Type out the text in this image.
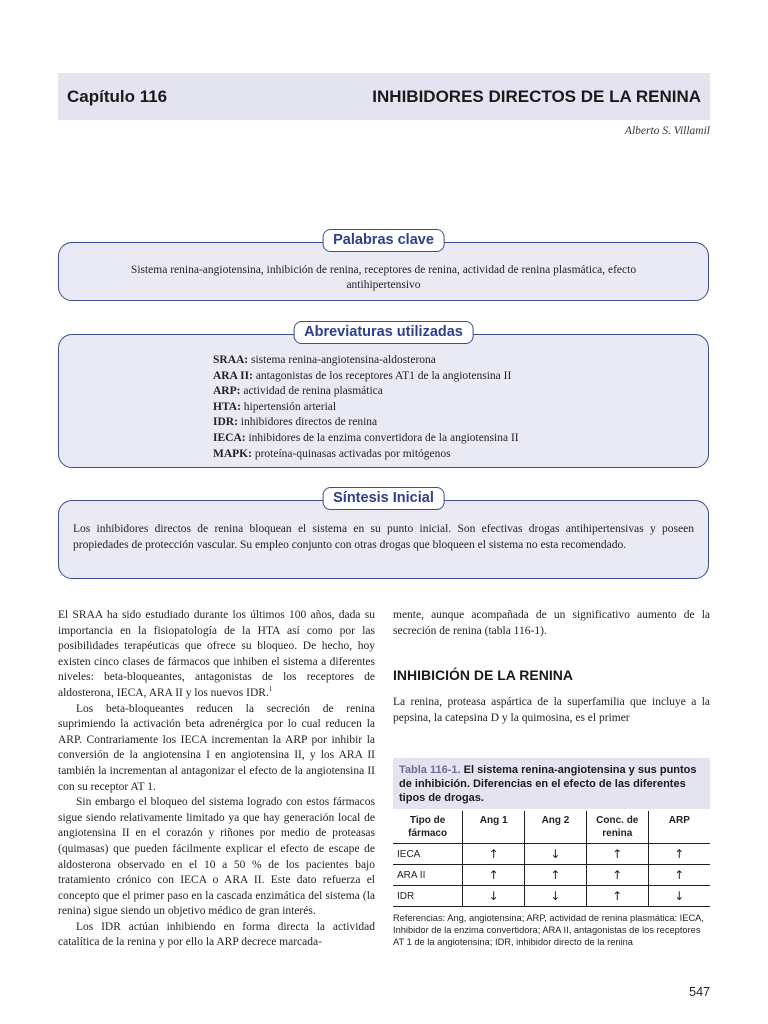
Capítulo 116	INHIBIDORES DIRECTOS DE LA RENINA
Alberto S. Villamil
Palabras clave
Sistema renina-angiotensina, inhibición de renina, receptores de renina, actividad de renina plasmática, efecto antihipertensivo
Abreviaturas utilizadas
SRAA: sistema renina-angiotensina-aldosterona
ARA II: antagonistas de los receptores AT1 de la angiotensina II
ARP: actividad de renina plasmática
HTA: hipertensión arterial
IDR: inhibidores directos de renina
IECA: inhibidores de la enzima convertidora de la angiotensina II
MAPK: proteína-quinasas activadas por mitógenos
Síntesis Inicial
Los inhibidores directos de renina bloquean el sistema en su punto inicial. Son efectivas drogas antihipertensivas y poseen propiedades de protección vascular. Su empleo conjunto con otras drogas que bloqueen el sistema no esta recomendado.

El SRAA ha sido estudiado durante los últimos 100 años, dada su importancia en la fisiopatología de la HTA así como por las posibilidades terapéuticas que ofrece su bloqueo. De hecho, hoy existen cinco clases de fármacos que inhiben el sistema a diferentes niveles: beta-bloqueantes, antagonistas de los receptores de aldosterona, IECA, ARA II y los nuevos IDR.$^1$

Los beta-bloqueantes reducen la secreción de renina suprimiendo la activación beta adrenérgica por lo cual reducen la ARP. Contrariamente los IECA incrementan la ARP por inhibir la conversión de la angiotensina I en angiotensina II, y los ARA II también la incrementan al antagonizar el efecto de la angiotensina II con su receptor AT 1.

Sin embargo el bloqueo del sistema logrado con estos fármacos sigue siendo relativamente limitado ya que hay generación local de angiotensina II en el corazón y riñones por medio de proteasas (quimasas) que pueden fácilmente explicar el efecto de escape de aldosterona observado en el 10 a 50 % de los pacientes bajo tratamiento crónico con IECA o ARA II. Este dato refuerza el concepto que el primer paso en la cascada enzimática del sistema (la renina) sigue siendo un objetivo médico de gran interés.

Los IDR actúan inhibiendo en forma directa la actividad catalítica de la renina y por ello la ARP decrece marcada-

mente, aunque acompañada de un significativo aumento de la secreción de renina (tabla 116-1).

INHIBICIÓN DE LA RENINA
La renina, proteasa aspártica de la superfamilia que incluye a la pepsina, la catepsina D y la quimosina, es el primer
Tabla 116-1. El sistema renina-angiotensina y sus puntos de inhibición. Diferencias en el efecto de las diferentes tipos de drogas.
Tipo de fármaco	Ang 1	Ang 2	Conc. de renina	ARP
IECA	↑	↓	↑	↑
ARA II	↑	↑	↑	↑
IDR	↓	↓	↑	↓
Referencias: Ang, angiotensina; ARP, actividad de renina plasmática: IECA, Inhibidor de la enzima convertidora; ARA II, antagonistas de los receptores AT 1 de la angiotensina; IDR, inhibidor directo de la renina
547
